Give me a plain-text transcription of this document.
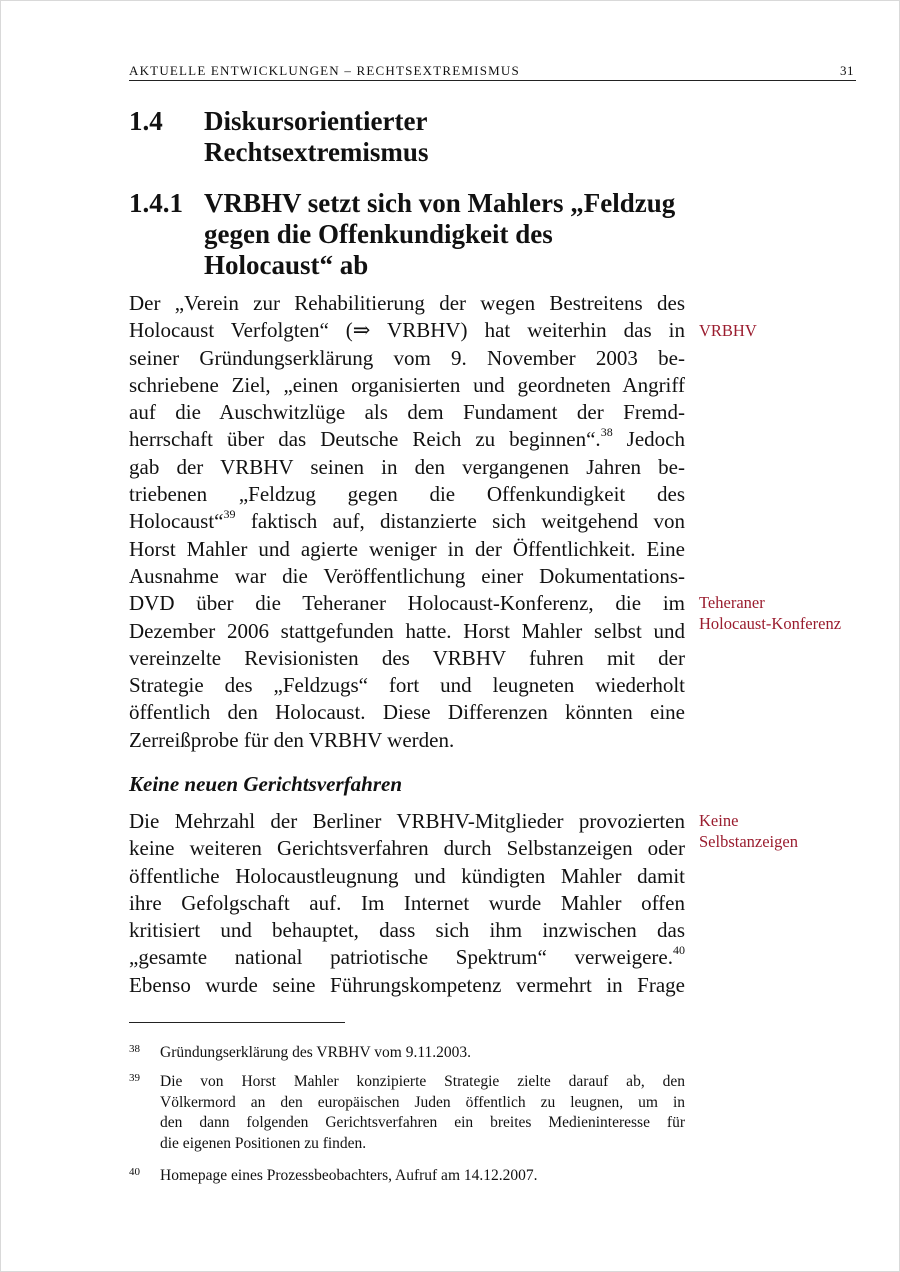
AKTUELLE ENTWICKLUNGEN – RECHTSEXTREMISMUS	31
1.4 Diskursorientierter
Rechtsextremismus
1.4.1 VRBHV setzt sich von Mahlers „Feldzug
gegen die Offenkundigkeit des
Holocaust“ ab
Der „Verein zur Rehabilitierung der wegen Bestreitens des
Holocaust Verfolgten“ (⇒ VRBHV) hat weiterhin das in
seiner Gründungserklärung vom 9. November 2003 be-
schriebene Ziel, „einen organisierten und geordneten Angriff
auf die Auschwitzlüge als dem Fundament der Fremd-
herrschaft über das Deutsche Reich zu beginnen“.$^{38}$ Jedoch
gab der VRBHV seinen in den vergangenen Jahren be-
triebenen „Feldzug gegen die Offenkundigkeit des
Holocaust“$^{39}$ faktisch auf, distanzierte sich weitgehend von
Horst Mahler und agierte weniger in der Öffentlichkeit. Eine
Ausnahme war die Veröffentlichung einer Dokumentations-
DVD über die Teheraner Holocaust-Konferenz, die im
Dezember 2006 stattgefunden hatte. Horst Mahler selbst und
vereinzelte Revisionisten des VRBHV fuhren mit der
Strategie des „Feldzugs“ fort und leugneten wiederholt
öffentlich den Holocaust. Diese Differenzen könnten eine
Zerreißprobe für den VRBHV werden.
Keine neuen Gerichtsverfahren
Die Mehrzahl der Berliner VRBHV-Mitglieder provozierten
keine weiteren Gerichtsverfahren durch Selbstanzeigen oder
öffentliche Holocaustleugnung und kündigten Mahler damit
ihre Gefolgschaft auf. Im Internet wurde Mahler offen
kritisiert und behauptet, dass sich ihm inzwischen das
„gesamte national patriotische Spektrum“ verweigere.$^{40}$
Ebenso wurde seine Führungskompetenz vermehrt in Frage
VRBHV
Teheraner
Holocaust-Konferenz
Keine
Selbstanzeigen
38 Gründungserklärung des VRBHV vom 9.11.2003.
39 Die von Horst Mahler konzipierte Strategie zielte darauf ab, den
Völkermord an den europäischen Juden öffentlich zu leugnen, um in
den dann folgenden Gerichtsverfahren ein breites Medieninteresse für
die eigenen Positionen zu finden.
40 Homepage eines Prozessbeobachters, Aufruf am 14.12.2007.
